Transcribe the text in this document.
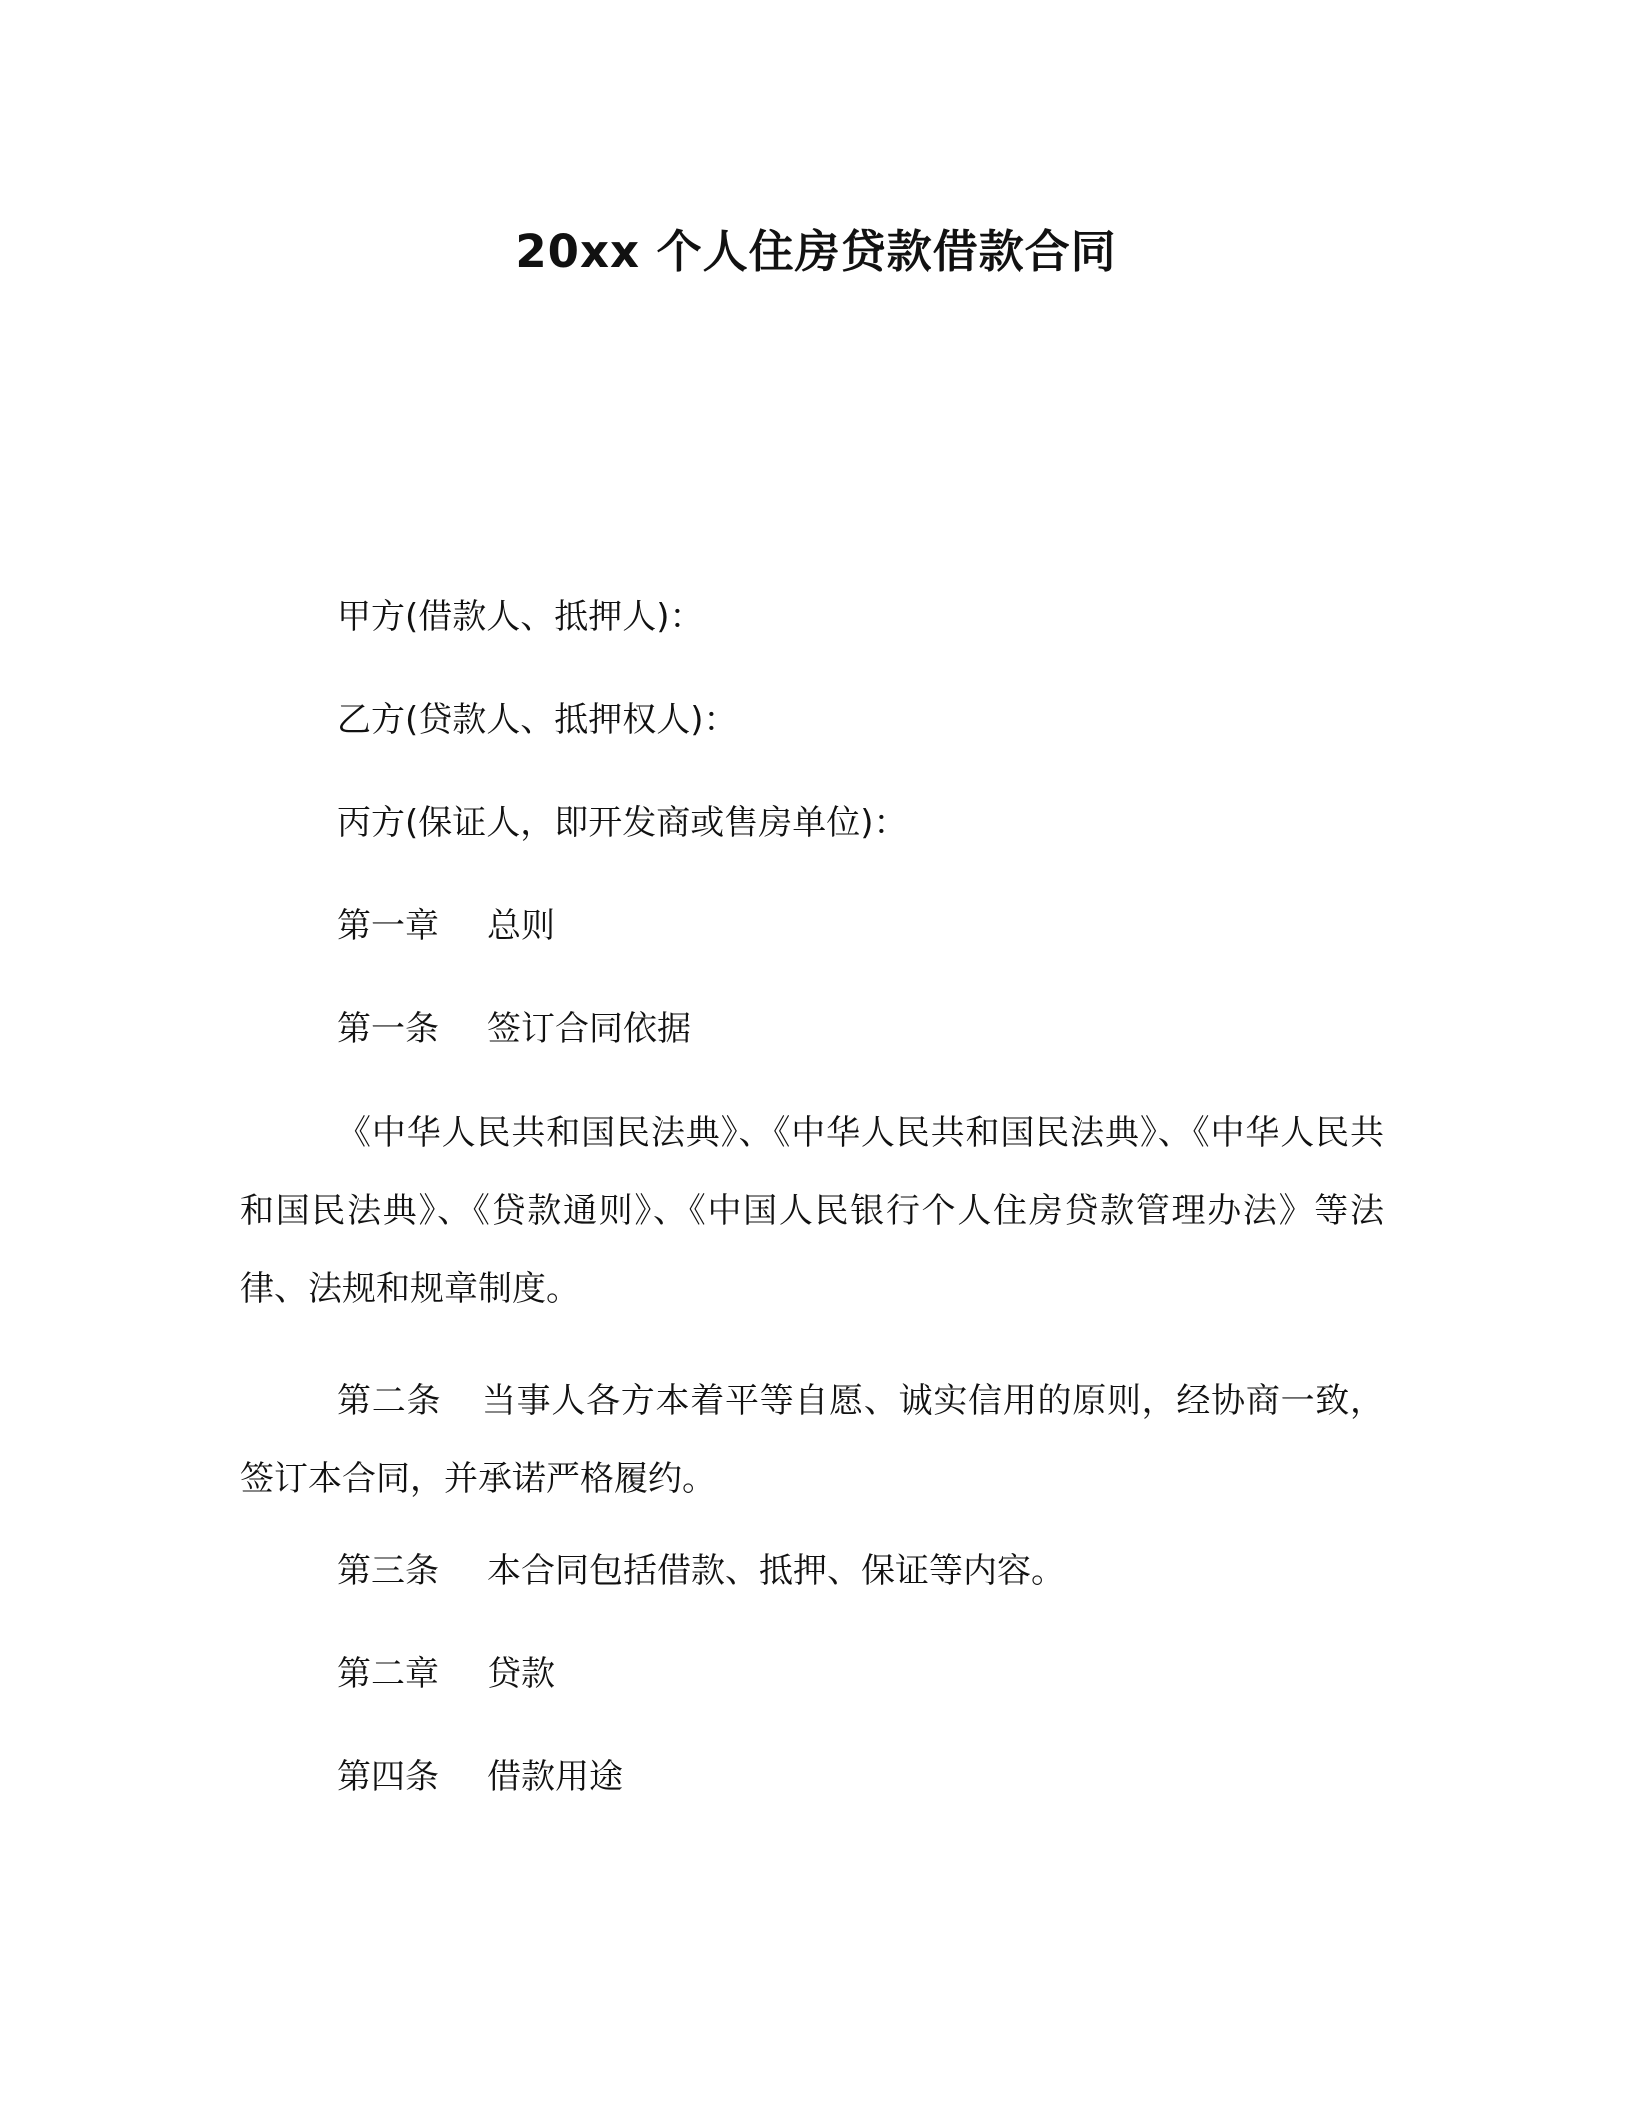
20xx 个人住房贷款借款合同
甲方(借款人、抵押人)：
乙方(贷款人、抵押权人)：
丙方(保证人，即开发商或售房单位)：
第一章 总则
第一条 签订合同依据
《中华人民共和国民法典》、《中华人民共和国民法典》、《中华人民共和国民法典》、《贷款通则》、《中国人民银行个人住房贷款管理办法》等法律、法规和规章制度。
第二条 当事人各方本着平等自愿、诚实信用的原则，经协商一致，签订本合同，并承诺严格履约。
第三条 本合同包括借款、抵押、保证等内容。
第二章 贷款
第四条 借款用途
